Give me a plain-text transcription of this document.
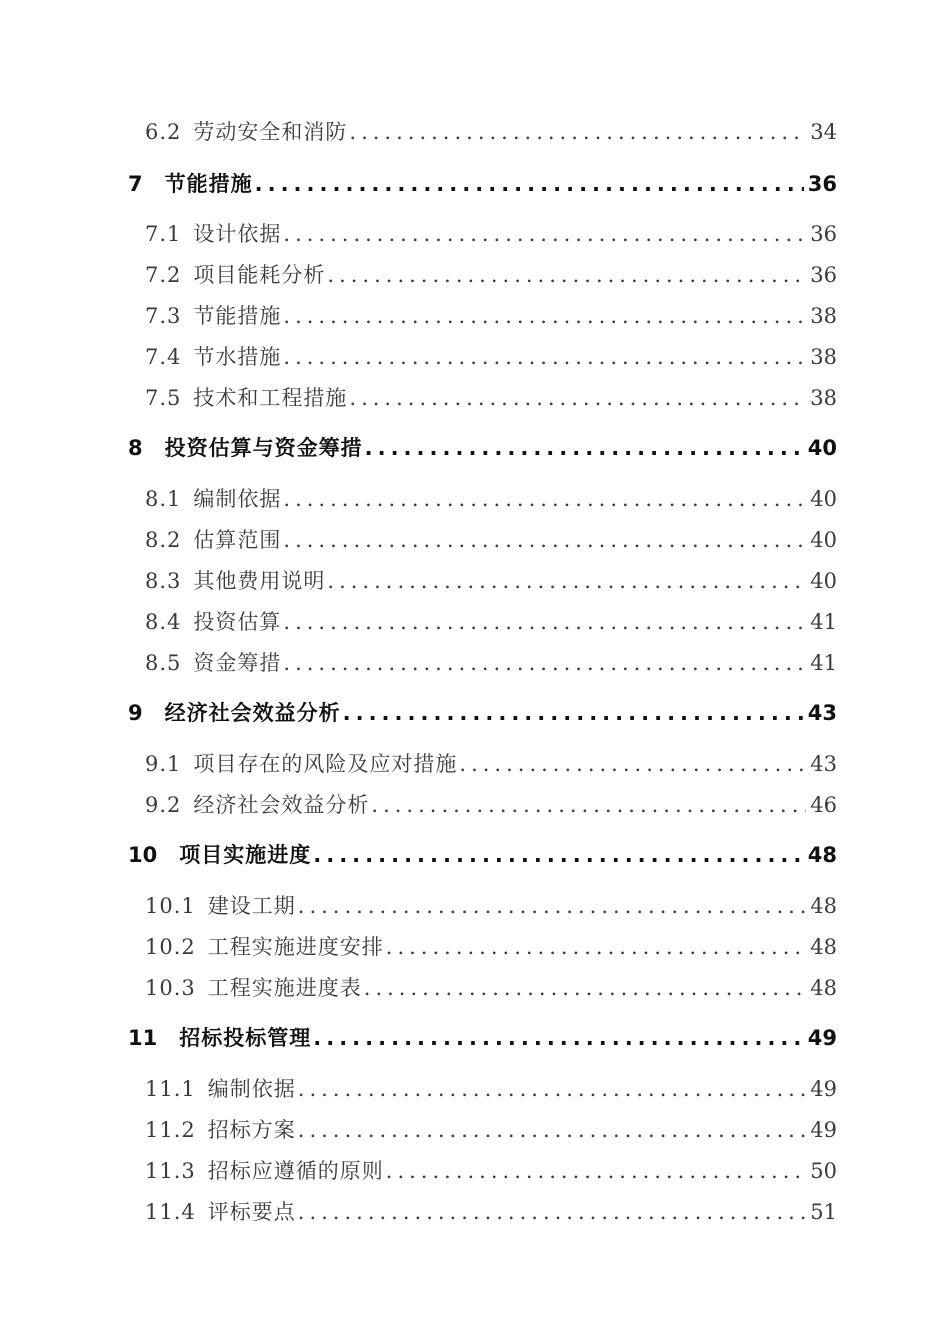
6.2 劳动安全和消防 .....	34
7 节能措施 .....	36
7.1 设计依据 .....	36
7.2 项目能耗分析 .....	36
7.3 节能措施 .....	38
7.4 节水措施 .....	38
7.5 技术和工程措施 .....	38
8 投资估算与资金筹措 .....	40
8.1 编制依据 .....	40
8.2 估算范围 .....	40
8.3 其他费用说明 .....	40
8.4 投资估算 .....	41
8.5 资金筹措 .....	41
9 经济社会效益分析 .....	43
9.1 项目存在的风险及应对措施 .....	43
9.2 经济社会效益分析 .....	46
10 项目实施进度 .....	48
10.1 建设工期 .....	48
10.2 工程实施进度安排 .....	48
10.3 工程实施进度表 .....	48
11 招标投标管理 .....	49
11.1 编制依据 .....	49
11.2 招标方案 .....	49
11.3 招标应遵循的原则 .....	50
11.4 评标要点 .....	51
